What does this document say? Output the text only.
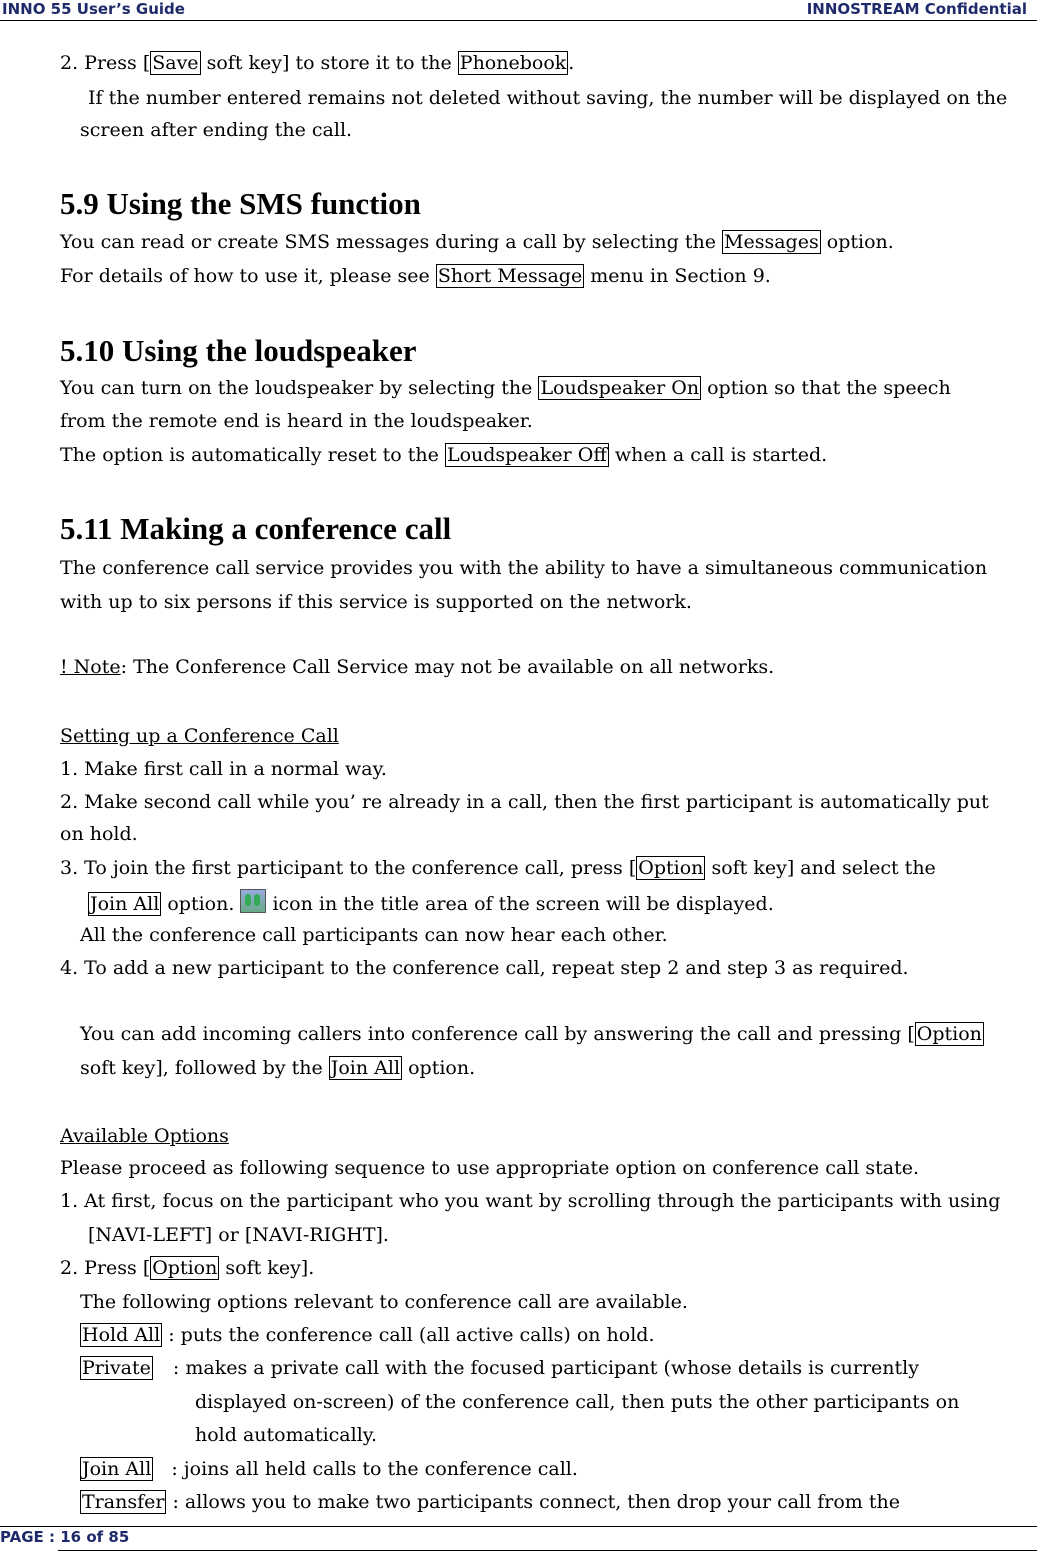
INNO 55 User’s Guide	INNOSTREAM Confidential
2. Press [ Save soft key] to store it to the Phonebook .
If the number entered remains not deleted without saving, the number will be displayed on the
screen after ending the call.
5.9 Using the SMS function
You can read or create SMS messages during a call by selecting the Messages option.
For details of how to use it, please see Short Message menu in Section 9.
5.10 Using the loudspeaker
You can turn on the loudspeaker by selecting the Loudspeaker On option so that the speech
from the remote end is heard in the loudspeaker.
The option is automatically reset to the Loudspeaker Off when a call is started.
5.11 Making a conference call
The conference call service provides you with the ability to have a simultaneous communication
with up to six persons if this service is supported on the network.
! Note: The Conference Call Service may not be available on all networks.
Setting up a Conference Call
1. Make first call in a normal way.
2. Make second call while you’ re already in a call, then the first participant is automatically put
on hold.
3. To join the first participant to the conference call, press [ Option soft key] and select the
Join All option.  icon in the title area of the screen will be displayed.
All the conference call participants can now hear each other.
4. To add a new participant to the conference call, repeat step 2 and step 3 as required.
You can add incoming callers into conference call by answering the call and pressing [ Option
soft key], followed by the Join All option.
Available Options
Please proceed as following sequence to use appropriate option on conference call state.
1. At first, focus on the participant who you want by scrolling through the participants with using
[NAVI-LEFT] or [NAVI-RIGHT].
2. Press [ Option soft key].
The following options relevant to conference call are available.
Hold All : puts the conference call (all active calls) on hold.
Private : makes a private call with the focused participant (whose details is currently
displayed on-screen) of the conference call, then puts the other participants on
hold automatically.
Join All : joins all held calls to the conference call.
Transfer : allows you to make two participants connect, then drop your call from the
PAGE : 16 of 85
